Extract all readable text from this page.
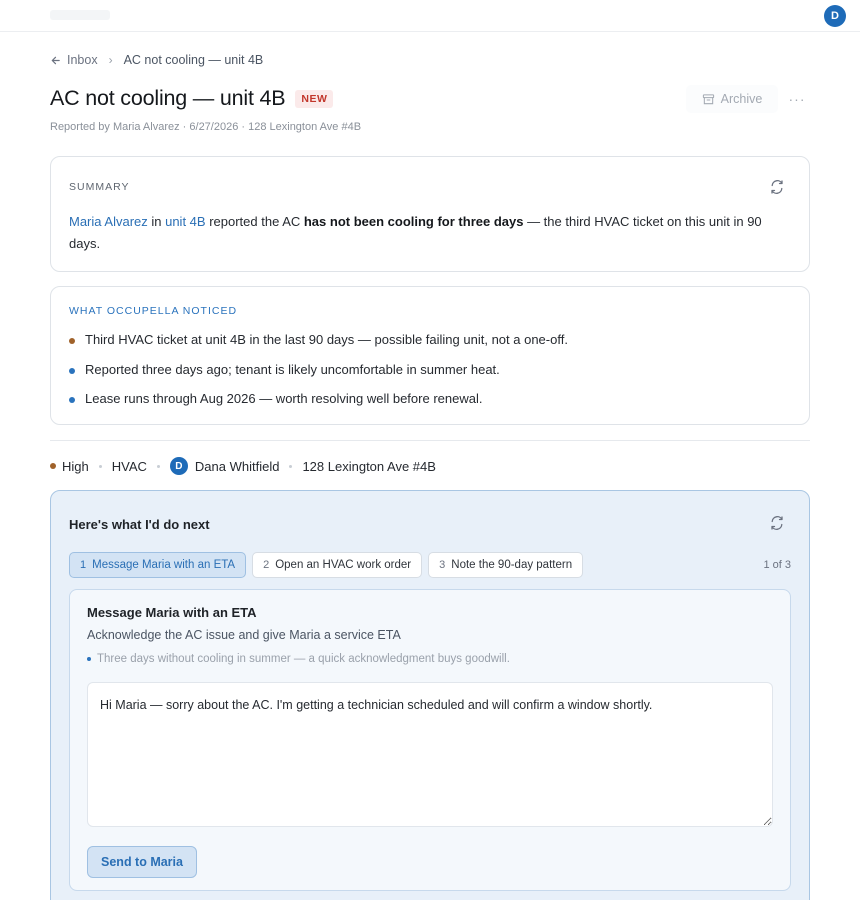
D
Inbox › AC not cooling — unit 4B
AC not cooling — unit 4B	NEW	Archive ···
Reported by Maria Alvarez · 6/27/2026 · 128 Lexington Ave #4B
SUMMARY

Maria Alvarez in unit 4B reported the AC has not been cooling for three days — the third HVAC ticket on this unit in 90 days.

WHAT OCCUPELLA NOTICED
Third HVAC ticket at unit 4B in the last 90 days — possible failing unit, not a one-off.
Reported three days ago; tenant is likely uncomfortable in summer heat.
Lease runs through Aug 2026 — worth resolving well before renewal.
High HVAC	D Dana Whitfield 128 Lexington Ave #4B
Here's what I'd do next
1 Message Maria with an ETA	2 Open an HVAC work order	3 Note the 90-day pattern	1 of 3
Message Maria with an ETA
Acknowledge the AC issue and give Maria a service ETA
Three days without cooling in summer — a quick acknowledgment buys goodwill.
Hi Maria — sorry about the AC. I'm getting a technician scheduled and will confirm a window shortly.
Send to Maria
